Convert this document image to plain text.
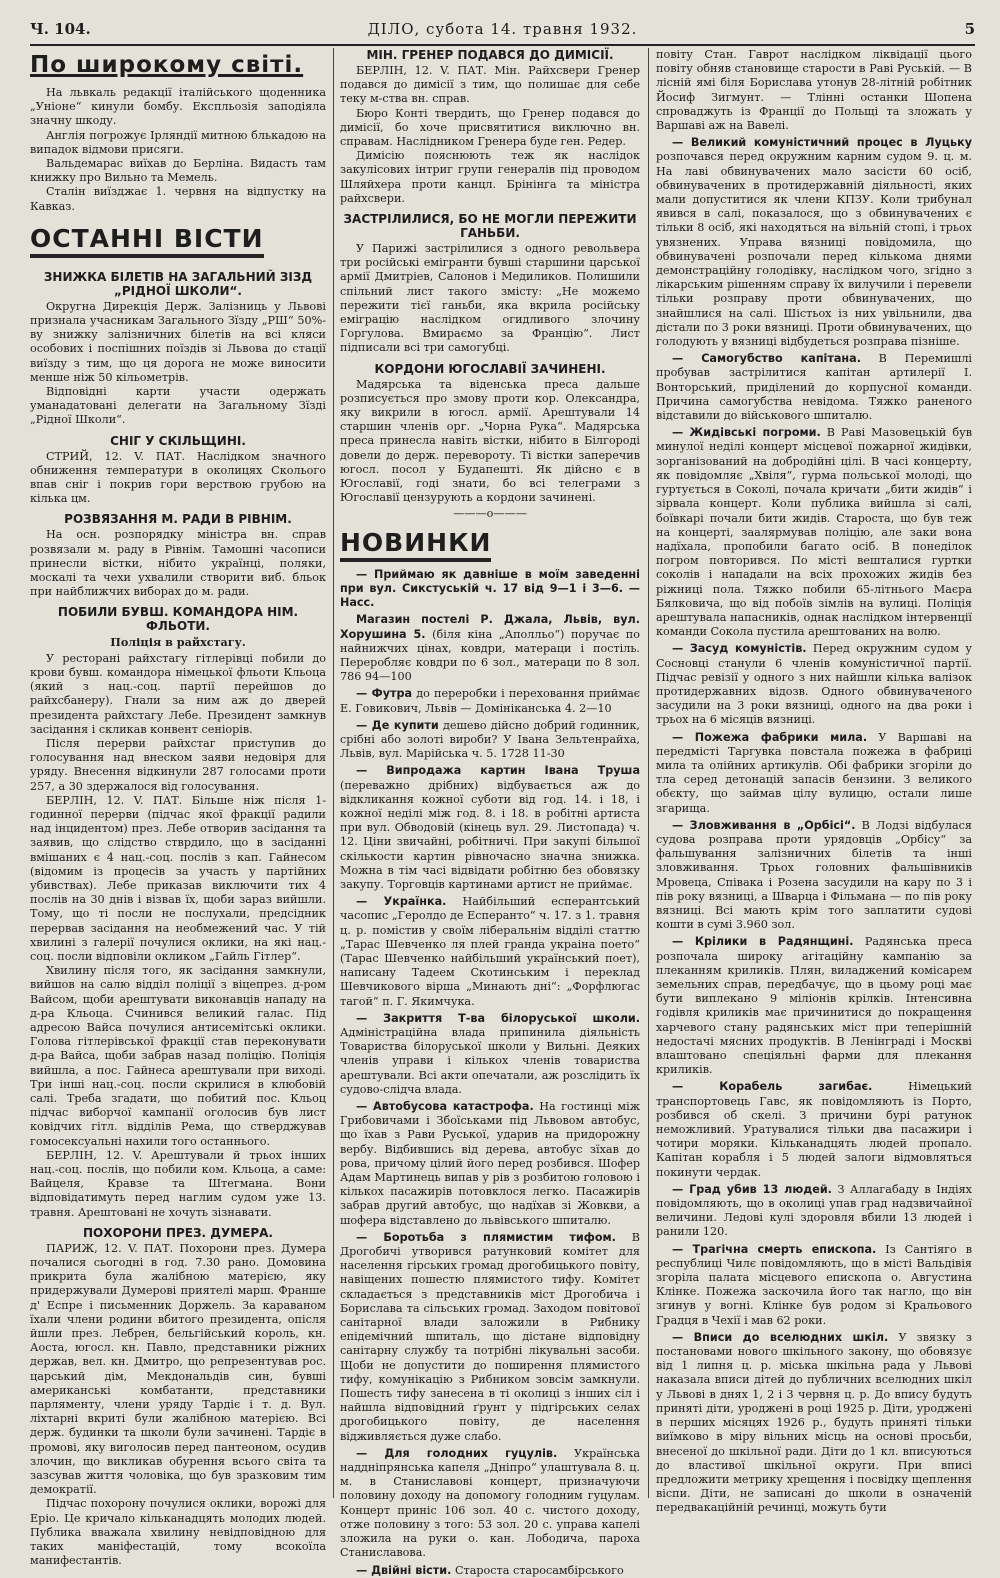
Ч. 104.	ДІЛО, субота 14. травня 1932.	5
По широкому світі.

На львкаль редакції італійського щоденника „Уніоне“ кинули бомбу. Експльозія заподіяла значну шкоду.

Англія погрожує Ірляндії митною блькадою на випадок відмови присяги.

Вальдемарас виїхав до Берліна. Видасть там книжку про Вильно та Мемель.

Сталін виїзджає 1. червня на відпустку на Кавказ.

ОСТАННІ ВІСТИ
ЗНИЖКА БІЛЕТІВ НА ЗАГАЛЬНИЙ ЗІЗД „РІДНОЇ ШКОЛИ“.

Округна Дирекція Держ. Залізниць у Львові признала учасникам Загального Зїзду „РШ“ 50%-ву знижку залізничних білетів на всі кляси особових і поспішних поїздів зі Львова до стації виїзду з тим, що ця дорога не може виносити менше ніж 50 кільометрів.

Відповідні карти участи одержать уманадатовані делегати на Загальному Зїзді „Рідної Школи“.

СНІГ У СКІЛЬЩИНІ.

СТРИЙ, 12. V. ПАТ. Наслідком значного обниження температури в околицях Сколього впав сніг і покрив гори верствою грубою на кілька цм.

РОЗВЯЗАННЯ М. РАДИ В РІВНІМ.

На осн. розпорядку міністра вн. справ розвязали м. раду в Рівнім. Тамошні часописи принесли вістки, нібито українці, поляки, москалі та чехи ухвалили створити виб. бльок при найближчих виборах до м. ради.

ПОБИЛИ БУВШ. КОМАНДОРА НІМ. ФЛЬОТИ.
Поліція в райхстагу.

У ресторані райхстагу гітлерівці побили до крови бувш. командора німецької фльоти Кльоца (який з нац.-соц. партії перейшов до райхсбанеру). Гнали за ним аж до дверей президента райхстагу Лебе. Президент замкнув засідання і скликав конвент сеніорів.

Після перерви райхстаг приступив до голосування над внеском заяви недовіря для уряду. Внесення відкинули 287 голосами проти 257, а 30 здержалося від голосування.

БЕРЛІН, 12. V. ПАТ. Більше ніж після 1-годинної перерви (підчас якої фракції радили над інцидентом) през. Лебе отворив засідання та заявив, що слідство стврдило, що в засіданні вмішаних є 4 нац.-соц. послів з кап. Гайнесом (відомим із процесів за участь у партійних убивствах). Лебе приказав виключити тих 4 послів на 30 днів і візвав їх, щоби зараз вийшли. Тому, що ті посли не послухали, предсідник перервав засідання на необмежений час. У тій хвилині з галерії почулися оклики, на які нац.-соц. посли відповіли окликом „Гайль Гітлер“.

Хвилину після того, як засідання замкнули, вийшов на салю відділ поліції з віцепрез. д-ром Вайсом, щоби арештувати виконавців нападу на д-ра Кльоца. Счинився великий галас. Під адресою Вайса почулися антисемітські оклики. Голова гітлерівської фракції став переконувати д-ра Вайса, щоби забрав назад поліцію. Поліція вийшла, а пос. Гайнеса арештували при виході. Три інші нац.-соц. посли скрилися в клюбовій салі. Треба згадати, що побитий пос. Кльоц підчас виборчої кампанії оголосив був лист ковідчих гітл. відділів Рема, що стверджував гомосексуальні нахили того останнього.

БЕРЛІН, 12. V. Арештували й трьох інших нац.-соц. послів, що побили ком. Кльоца, а саме: Вайцеля, Кравзе та Штегмана. Вони відповідатимуть перед наглим судом уже 13. травня. Арештовані не хочуть зізнавати.

ПОХОРОНИ ПРЕЗ. ДУМЕРА.

ПАРИЖ, 12. V. ПАТ. Похорони през. Думера почалися сьогодні в год. 7.30 рано. Домовина прикрита була жалібною матерією, яку придержували Думерові приятелі марш. Франше д' Еспре і письменник Доржель. За караваном їхали члени родини вбитого президента, опісля йшли през. Лебрен, бельгійський король, кн. Аоста, югосл. кн. Павло, представники ріжних держав, вел. кн. Дмитро, що репрезентував рос. царський дім, Мекдональдів син, бувші американські комбатанти, представники парляменту, члени уряду Тардіє і т. д. Вул. ліхтарні вкриті були жалібною матерією. Всі держ. будинки та школи були зачинені. Тардіє в промові, яку виголосив перед пантеоном, осудив злочин, що викликав обурення всього світа та зазсував життя чоловіка, що був зразковим тим демократії.

Підчас похорону почулися оклики, ворожі для Еріо. Це кричало кільканадцять молодих людей. Публика вважала хвилину невідповідною для таких маніфестацій, тому всокоїла манифестантів.

МІН. ГРЕНЕР ПОДАВСЯ ДО ДИМІСІЇ.

БЕРЛІН, 12. V. ПАТ. Мін. Райхсвери Гренер подався до димісії з тим, що полишає для себе теку м-ства вн. справ.

Бюро Конті твердить, що Гренер подався до димісії, бо хоче присвятитися виключно вн. справам. Наслідником Гренера буде ген. Редер.

Димісію пояснюють теж як наслідок закулісових інтриг групи генералів під проводом Шляйхера проти канцл. Брінінга та міністра райхсвери.

ЗАСТРІЛИЛИСЯ, БО НЕ МОГЛИ ПЕРЕЖИТИ ГАНЬБИ.

У Парижі застрілилися з одного револьвера три російські емігранти бувші старшини царської армії Дмитріев, Салонов і Медиликов. Полишили спільний лист такого змісту: „Не можемо пережити тієї ганьби, яка вкрила російську еміграцію наслідком огидливого злочину Горгулова. Вмираємо за Францію“. Лист підписали всі три самогубці.

КОРДОНИ ЮГОСЛАВІЇ ЗАЧИНЕНІ.

Мадярська та віденська преса дальше розписується про змову проти кор. Олександра, яку викрили в югосл. армії. Арештували 14 старшин членів орг. „Чорна Рука“. Мадярська преса принесла навіть вістки, нібито в Білгороді довели до держ. перевороту. Ті вістки заперечив югосл. посол у Будапешті. Як дійсно є в Югославії, годі знати, бо всі телеграми з Югославії цензурують а кордони зачинені.

———o———
НОВИНКИ

— Приймаю як давніше в моїм заведенні при вул. Сикстуській ч. 17 від 9—1 і 3—6. — Насс.

Магазин постелі Р. Джала, Львів, вул. Хорушина 5. (біля кіна „Аполльо“) поручає по найнижчих цінах, ковдри, матераци і постіль. Переробляє ковдри по 6 зол., матераци по 8 зол. 786 94—100

— Футра до переробки і переховання приймає Е. Говикович, Львів — Домініканська 4. 2—10

— Де купити дешево дійсно добрий годинник, срібні або золоті вироби? У Івана Зельтенрайха, Львів, вул. Марійська ч. 5. 1728 11-30

— Випродажа картин Івана Труша (переважно дрібних) відбувається аж до відкликання кожної суботи від год. 14. і 18, і кожної неділі між год. 8. і 18. в робітні артиста при вул. Обводовій (кінець вул. 29. Листопада) ч. 12. Ціни звичайні, робітничі. При закупі більшої скількости картин рівночасно значна знижка. Можна в тім часі відвідати робітню без обовязку закупу. Торговців картинами артист не приймає.

— Українка. Найбільший есперантський часопис „Геролдо де Есперанто“ ч. 17. з 1. травня ц. р. помістив у своїм ліберальнім відділі статтю „Тарас Шевченко ля плей гранда украіна поето“ (Тарас Шевченко найбільший український поет), написану Тадеем Скотинським і переклад Шевчикового вірша „Минають дні“: „Форфлюгас тагой“ п. Г. Якимчука.

— Закриття Т-ва білоруської школи. Адміністраційна влада припинила діяльність Товариства білоруської школи у Вильні. Деяких членів управи і кількох членів товариства арештували. Всі акти опечатали, аж розслідить їх судово-слідча влада.

— Автобусова катастрофа. На гостинці між Грибовичами і Збоїськами під Львовом автобус, що їхав з Рави Руської, ударив на придорожну вербу. Відбившись від дерева, автобус зїхав до рова, причому цілий його перед розбився. Шофер Адам Мартинець випав у рів з розбитою головою і кількох пасажирів потовклося легко. Пасажирів забрав другий автобус, що надїхав зі Жовкви, а шофера відставлено до львівського шпиталю.

— Боротьба з плямистим тифом. В Дрогобичі утворився ратунковий комітет для населення гірських громад дрогобицького повіту, навіщених пошестю плямистого тифу. Комітет складається з представників міст Дрогобича і Борислава та сільських громад. Заходом повітової санітарної влади заложили в Рибнику епідемічний шпиталь, що дістане відповідну санітарну службу та потрібні лікувальні засоби. Щоби не допустити до поширення плямистого тифу, комунікацію з Рибником зовсім замкнули. Пошесть тифу занесена в ті околиці з інших сіл і найшла відповідний ґрунт у підгірських селах дрогобицького повіту, де населення відживляється дуже слабо.

— Для голодних гуцулів. Українська наддніпрянська капеля „Дніпро“ улаштувала 8. ц. м. в Станиславові концерт, призначуючи половину доходу на допомогу голодним гуцулам. Концерт приніс 106 зол. 40 с. чистого доходу, отже половину з того: 53 зол. 20 с. управа капелі зложила на руки о. кан. Лободича, пароха Станиславова.

— Двійні вісти. Староста старосамбірського

повіту Стан. Гаврот наслідком ліквідації цього повіту обняв становище старости в Раві Руській. — В лісній ямі біля Борислава утонув 28-літній робітник Йосиф Зигмунт. — Тлінні останки Шопена спроваджуть із Франції до Польщі та зложать у Варшаві аж на Вавелі.

— Великий комуністичний процес в Луцьку розпочався перед окружним карним судом 9. ц. м. На лаві обвинувачених мало засісти 60 осіб, обвинувачених в протидержавній діяльності, яких мали допуститися як члени КПЗУ. Коли трибунал явився в салі, показалося, що з обвинувачених є тільки 8 осіб, які находяться на вільній стопі, і трьох увязнених. Управа вязниці повідомила, що обвинувачені розпочали перед кількома днями демонстраційну голодівку, наслідком чого, згідно з лікарським рішенням справу їх вилучили і перевели тільки розправу проти обвинувачених, що знайшлися на салі. Шістьох із них увільнили, два дістали по 3 роки вязниці. Проти обвинувачених, що голодують у вязниці відбудеться розправа пізніше.

— Самогубство капітана. В Перемишлі пробував застрілитися капітан артилерії І. Вонторський, приділений до корпусної команди. Причина самогубства невідома. Тяжко раненого відставили до військового шпиталю.

— Жидівські погроми. В Раві Мазовецькій був минулої неділі концерт місцевої пожарної жидівки, зорганізований на добродійні цілі. В часі концерту, як повідомляє „Хвіля“, гурма польської молоді, що гуртується в Соколі, почала кричати „бити жидів“ і зірвала концерт. Коли публика вийшла зі салі, боївкарі почали бити жидів. Староста, що був теж на концерті, заалярмував поліцію, але заки вона надїхала, пропобили багато осіб. В понеділок погром повторився. По місті вешталися гуртки соколів і нападали на всіх прохожих жидів без ріжниці пола. Тяжко побили 65-літнього Маєра Бялковича, що від побоїв зімлів на вулиці. Поліція арештувала напасників, однак наслідком інтервенції команди Сокола пустила арештованих на волю.

— Засуд комуністів. Перед окружним судом у Сосновці станули 6 членів комуністичної партії. Підчас ревізії у одного з них найшли кілька валізок протидержавних відозв. Одного обвинуваченого засудили на 3 роки вязниці, одного на два роки і трьох на 6 місяців вязниці.

— Пожежа фабрики мила. У Варшаві на передмісті Таргувка повстала пожежа в фабриці мила та олійних артикулів. Обі фабрики згоріли до тла серед детонацій запасів бензини. З великого обєкту, що займав цілу вулицю, остали лише згарища.

— Зловживання в „Орбісі“. В Лодзі відбулася судова розправа проти урядовців „Орбісу“ за фальшування залізничних білетів та інші зловживання. Трьох головних фальшівників Мровеца, Співака і Розена засудили на кару по 3 і пів року вязниці, а Шварца і Фільмана — по пів року вязниці. Всі мають крім того заплатити судові кошти в сумі 3.960 зол.

— Крілики в Радянщині. Радянська преса розпочала широку агітаційну кампанію за плеканням криликів. Плян, виладжений комісарем земельних справ, передбачує, що в цьому році має бути виплекано 9 міліонів крілків. Інтенсивна годівля криликів має причинитися до покращення харчевого стану радянських міст при теперішній недостачі мясних продуктів. В Ленінграді і Москві влаштовано спеціяльні фарми для плекання криликів.

— Корабель загибає.	Німецький транспортовець Гавс, як повідомляють із Порто, розбився об скелі. З причини бурі ратунок неможливий. Уратувалися тільки два пасажири і чотири моряки. Кільканадцять людей пропало. Капітан корабля і 5 людей залоги відмовляться покинути чердак.

— Град убив 13 людей. З Аллагабаду в Індіях повідомляють, що в околиці упав град надзвичайної величини. Ледові кулі здоровля вбили 13 людей і ранили 120.

— Трагічна смерть епископа. Із Сантіяго в республиці Чилє повідомляють, що в місті Вальдівія згоріла палата місцевого епископа о. Августина Клінке. Пожежа заскочила його так нагло, що він згинув у вогні. Клінке був родом зі Кральового Градця в Чехії і мав 62 роки.

— Вписи до вселюдних шкіл. У звязку з постановами нового шкільного закону, що обовязує від 1 липня ц. р. міська шкільна рада у Львові наказала вписи дітей до публичних вселюдних шкіл у Львові в днях 1, 2 і 3 червня ц. р. До впису будуть приняті діти, уроджені в році 1925 р. Діти, уроджені в перших місяцях 1926 р., будуть приняті тільки виїмково в міру вільних місць на основі просьби, внесеної до шкільної ради. Діти до 1 кл. вписуються до властивої шкільної округи. При вписі предложити метрику хрещення і посвідку щеплення віспи. Діти, не записані до школи в означеній передвакаційній речинці, можуть бути
